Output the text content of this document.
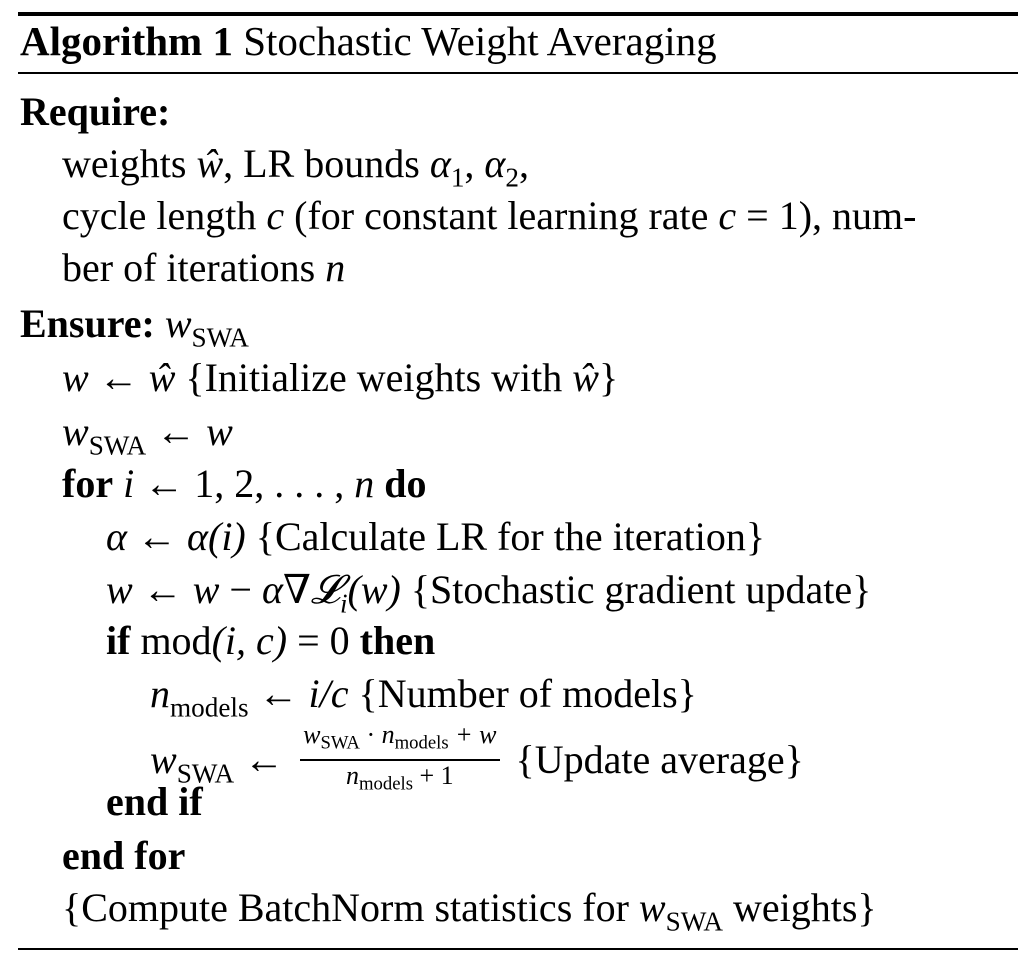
Algorithm 1 Stochastic Weight Averaging
Require:
weights ŵ, LR bounds $\alpha_1$, $\alpha_2$,
cycle length c (for constant learning rate c = 1), num-
ber of iterations n
Ensure: $w_{SWA}$
w ← ŵ {Initialize weights with ŵ}
$w_{SWA}$ ← w
for i ← 1, 2, . . . , n do
α ← α(i) {Calculate LR for the iteration}
w ← w − α∇𝓛$_i$(w) {Stochastic gradient update}
if mod(i, c) = 0 then
$n_{models}$ ← i/c {Number of models}
$w_{SWA}$ ← $\frac{w_{SWA} \cdot n_{models} + w}{n_{models} + 1}$ {Update average}
end if
end for
{Compute BatchNorm statistics for $w_{SWA}$ weights}
